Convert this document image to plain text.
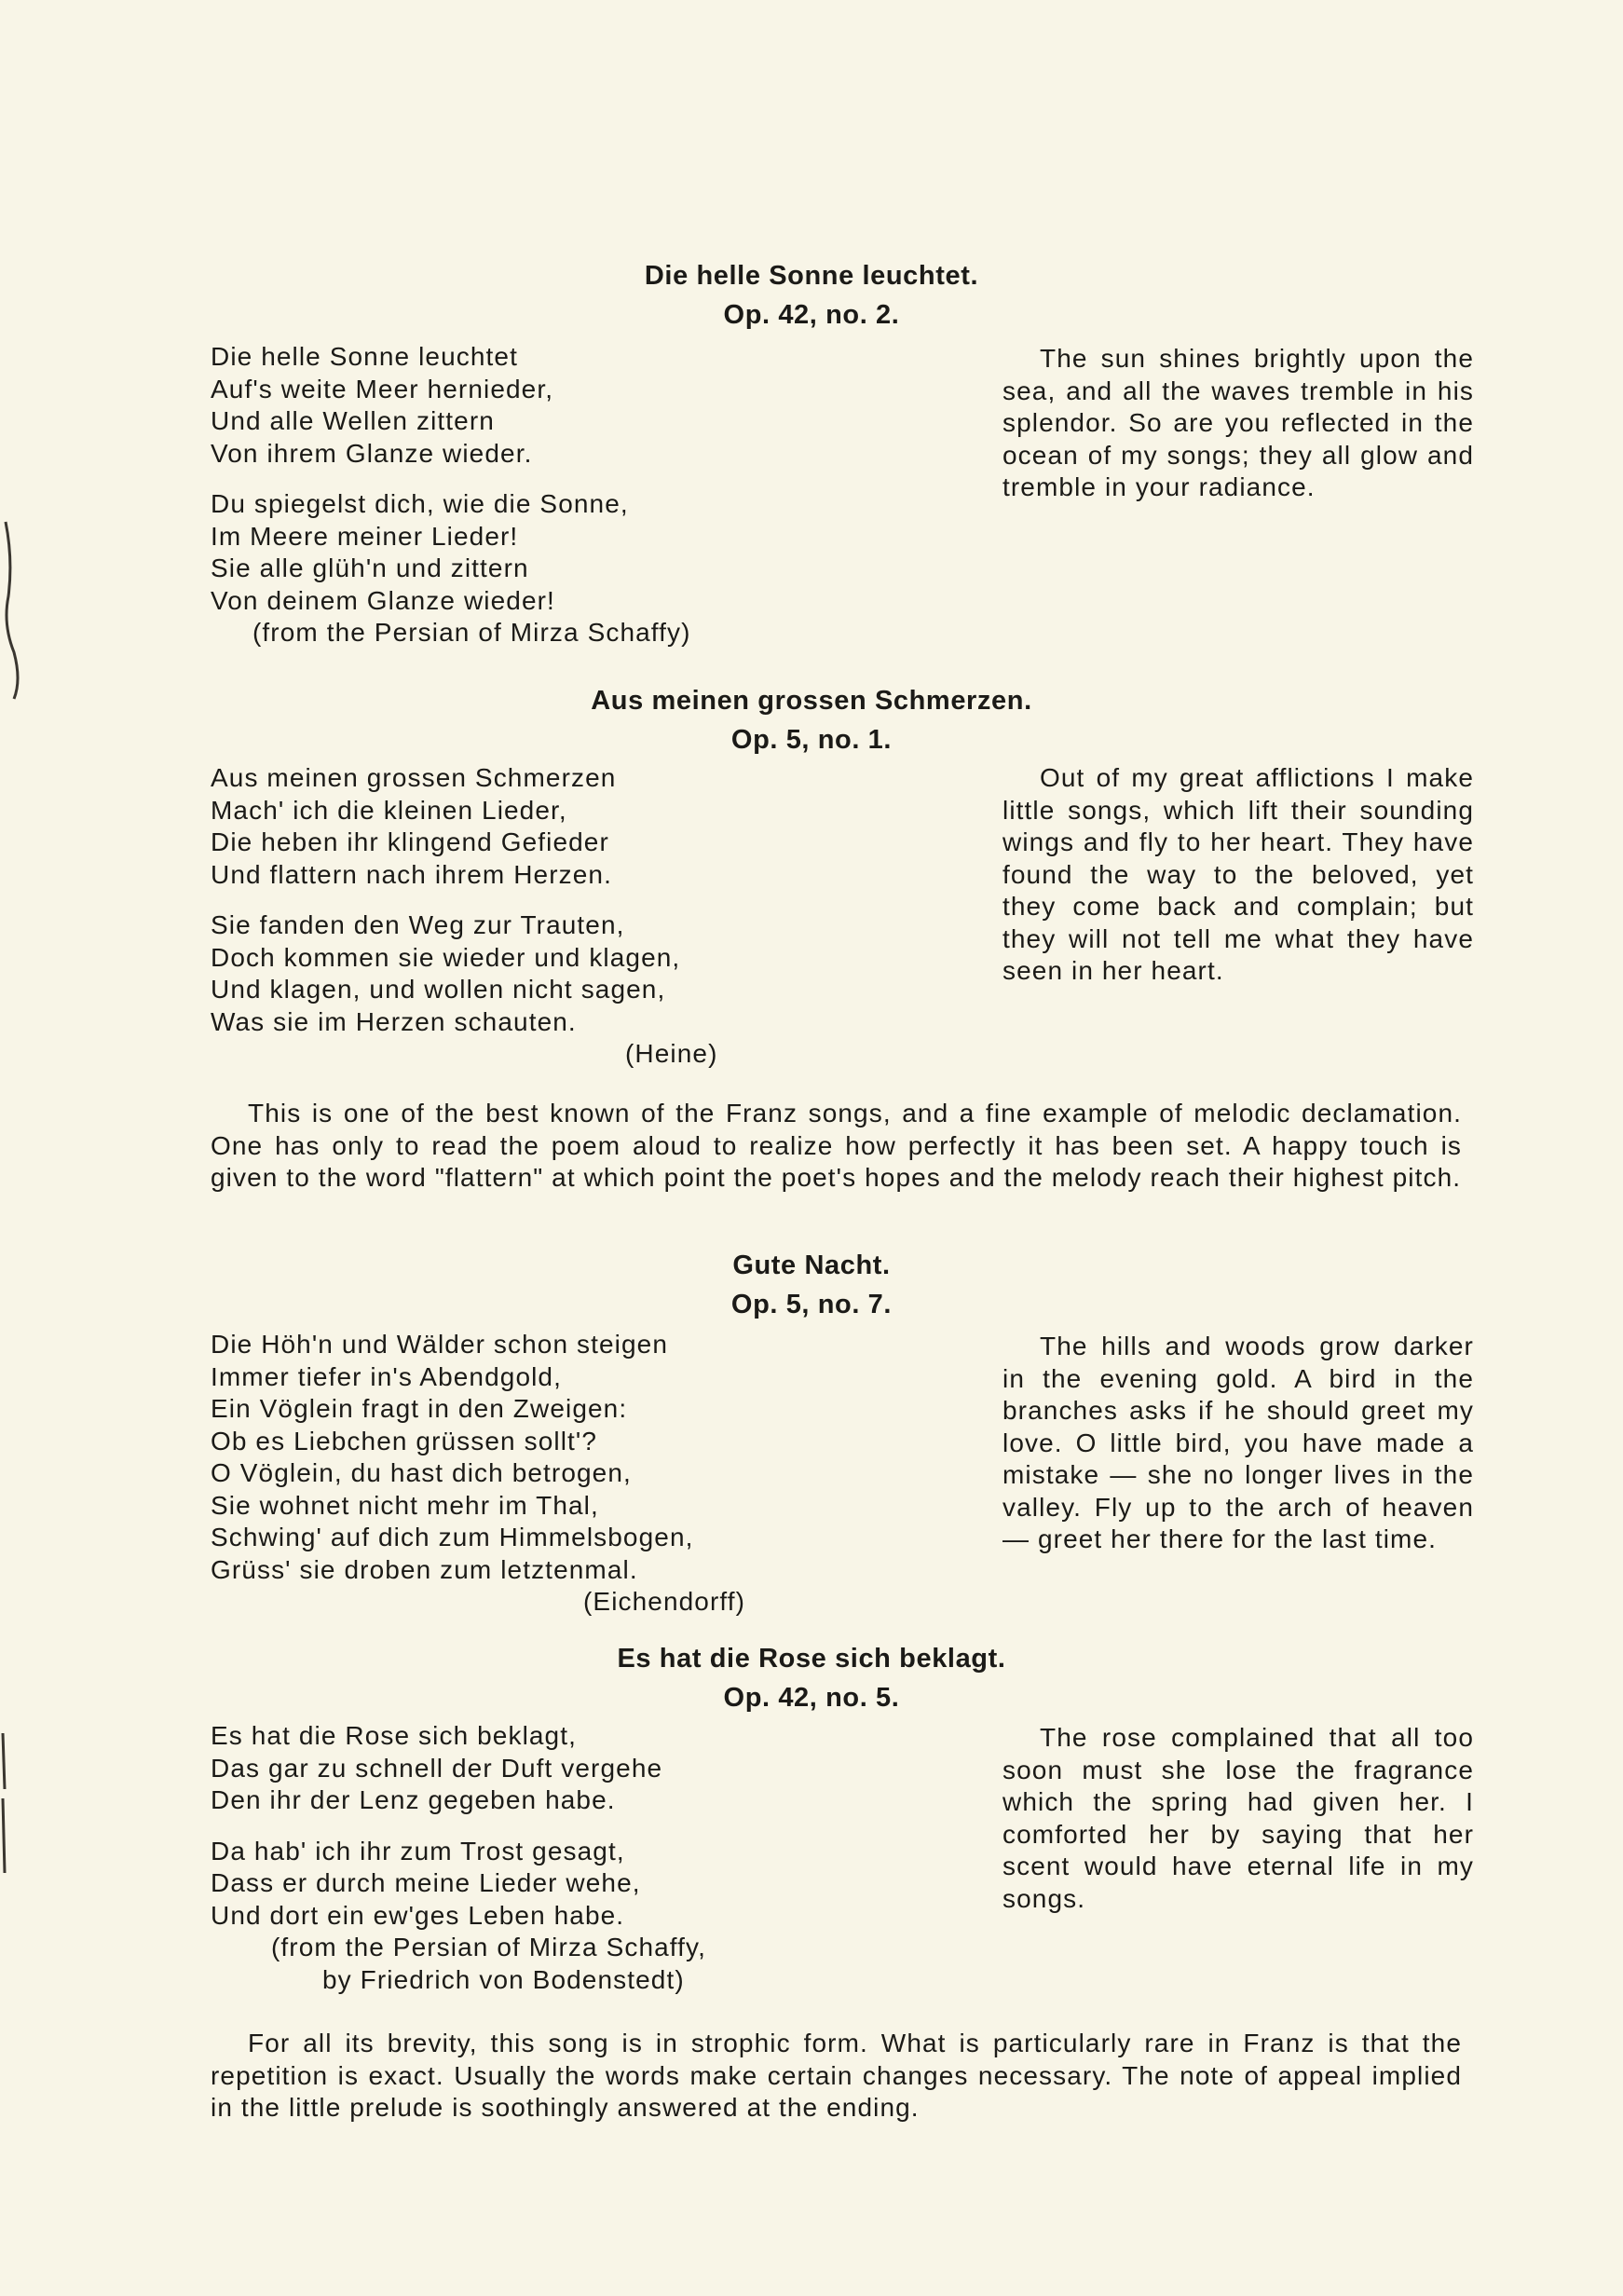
Die helle Sonne leuchtet.
Op. 42, no. 2.
Die helle Sonne leuchtet
Auf's weite Meer hernieder,
Und alle Wellen zittern
Von ihrem Glanze wieder.
Du spiegelst dich, wie die Sonne,
Im Meere meiner Lieder!
Sie alle glüh'n und zittern
Von deinem Glanze wieder!
(from the Persian of Mirza Schaffy)
The sun shines brightly upon the sea, and all the waves tremble in his splendor. So are you reflected in the ocean of my songs; they all glow and tremble in your radiance.
Aus meinen grossen Schmerzen.
Op. 5, no. 1.
Aus meinen grossen Schmerzen
Mach' ich die kleinen Lieder,
Die heben ihr klingend Gefieder
Und flattern nach ihrem Herzen.
Sie fanden den Weg zur Trauten,
Doch kommen sie wieder und klagen,
Und klagen, und wollen nicht sagen,
Was sie im Herzen schauten.
(Heine)
Out of my great afflictions I make little songs, which lift their sounding wings and fly to her heart. They have found the way to the beloved, yet they come back and complain; but they will not tell me what they have seen in her heart.
This is one of the best known of the Franz songs, and a fine example of melodic declamation. One has only to read the poem aloud to realize how perfectly it has been set. A happy touch is given to the word "flattern" at which point the poet's hopes and the melody reach their highest pitch.
Gute Nacht.
Op. 5, no. 7.
Die Höh'n und Wälder schon steigen
Immer tiefer in's Abendgold,
Ein Vöglein fragt in den Zweigen:
Ob es Liebchen grüssen sollt'?
O Vöglein, du hast dich betrogen,
Sie wohnet nicht mehr im Thal,
Schwing' auf dich zum Himmelsbogen,
Grüss' sie droben zum letztenmal.
(Eichendorff)
The hills and woods grow darker in the evening gold. A bird in the branches asks if he should greet my love. O little bird, you have made a mistake — she no longer lives in the valley. Fly up to the arch of heaven — greet her there for the last time.
Es hat die Rose sich beklagt.
Op. 42, no. 5.
Es hat die Rose sich beklagt,
Das gar zu schnell der Duft vergehe
Den ihr der Lenz gegeben habe.
Da hab' ich ihr zum Trost gesagt,
Dass er durch meine Lieder wehe,
Und dort ein ew'ges Leben habe.
(from the Persian of Mirza Schaffy,
by Friedrich von Bodenstedt)
The rose complained that all too soon must she lose the fragrance which the spring had given her. I comforted her by saying that her scent would have eternal life in my songs.
For all its brevity, this song is in strophic form. What is particularly rare in Franz is that the repetition is exact. Usually the words make certain changes necessary. The note of appeal implied in the little prelude is soothingly answered at the ending.
